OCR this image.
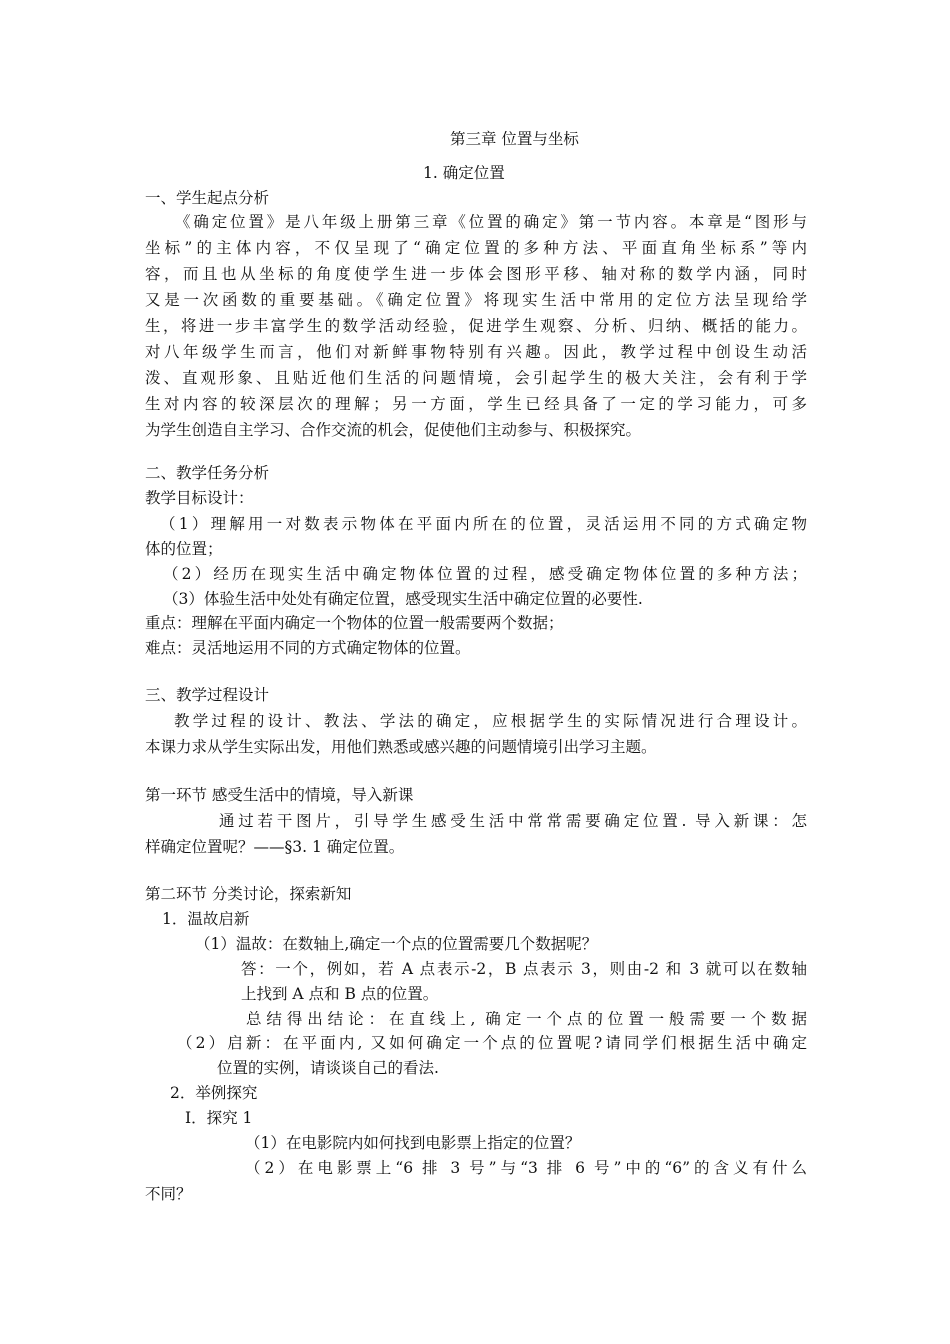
第三章 位置与坐标
1. 确定位置
一、学生起点分析
《确定位置》是八年级上册第三章《位置的确定》第一节内容。本章是“图形与
坐标”的主体内容，不仅呈现了“确定位置的多种方法、平面直角坐标系”等内
容，而且也从坐标的角度使学生进一步体会图形平移、轴对称的数学内涵，同时
又是一次函数的重要基础。《确定位置》将现实生活中常用的定位方法呈现给学
生，将进一步丰富学生的数学活动经验，促进学生观察、分析、归纳、概括的能力。
对八年级学生而言，他们对新鲜事物特别有兴趣。因此，教学过程中创设生动活
泼、直观形象、且贴近他们生活的问题情境，会引起学生的极大关注，会有利于学
生对内容的较深层次的理解；另一方面，学生已经具备了一定的学习能力，可多
为学生创造自主学习、合作交流的机会，促使他们主动参与、积极探究。
二、教学任务分析
教学目标设计：
（1）理解用一对数表示物体在平面内所在的位置，灵活运用不同的方式确定物
体的位置；
（2）经历在现实生活中确定物体位置的过程，感受确定物体位置的多种方法；
（3）体验生活中处处有确定位置，感受现实生活中确定位置的必要性.
重点：理解在平面内确定一个物体的位置一般需要两个数据；
难点：灵活地运用不同的方式确定物体的位置。
三、教学过程设计
教学过程的设计、教法、学法的确定，应根据学生的实际情况进行合理设计。
本课力求从学生实际出发，用他们熟悉或感兴趣的问题情境引出学习主题。
第一环节 感受生活中的情境，导入新课
通过若干图片，引导学生感受生活中常常需要确定位置. 导入新课：怎
样确定位置呢？——§3. 1 确定位置。
第二环节 分类讨论，探索新知
1．温故启新
（1）温故：在数轴上,确定一个点的位置需要几个数据呢？
答：一个，例如，若 A 点表示-2，B 点表示 3，则由-2 和 3 就可以在数轴
上找到 A 点和 B 点的位置。
总结得出结论：在直线上, 确定一个点的位置一般需要一个数据
（2）启新：在平面内, 又如何确定一个点的位置呢?请同学们根据生活中确定
位置的实例，请谈谈自己的看法.
2．举例探究
Ⅰ．探究 1
（1）在电影院内如何找到电影票上指定的位置？
（2）在电影票上“6 排 3 号”与“3 排 6 号”中的“6”的含义有什么
不同？
